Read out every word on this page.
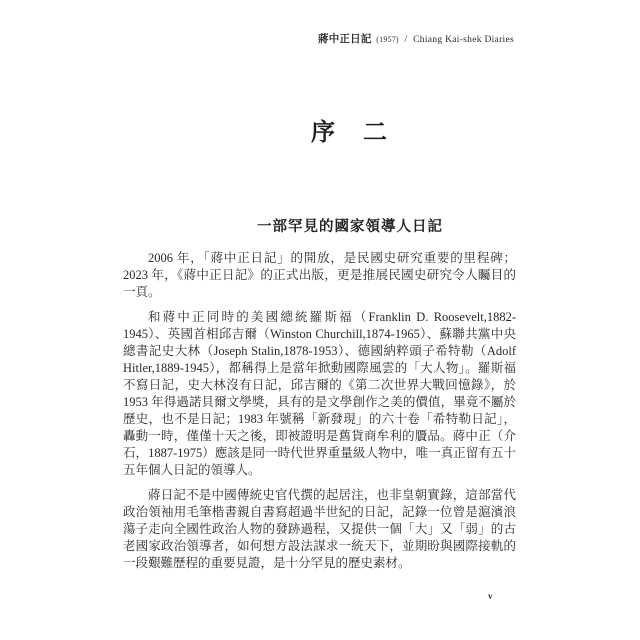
蔣中正日記 (1957) / Chiang Kai-shek Diaries
序　二
一部罕見的國家領導人日記

2006 年，「蔣中正日記」的開放，是民國史研究重要的里程碑；2023 年，《蔣中正日記》的正式出版，更是推展民國史研究令人矚目的一頁。

和蔣中正同時的美國總統羅斯福（Franklin D. Roosevelt,1882-1945）、英國首相邱吉爾（Winston Churchill,1874-1965）、蘇聯共黨中央總書記史大林（Joseph Stalin,1878-1953）、德國納粹頭子希特勒（Adolf Hitler,1889-1945），都稱得上是當年掀動國際風雲的「大人物」。羅斯福不寫日記，史大林沒有日記，邱吉爾的《第二次世界大戰回憶錄》，於 1953 年得過諾貝爾文學獎，具有的是文學創作之美的價值，畢竟不屬於歷史，也不是日記；1983 年號稱「新發現」的六十卷「希特勒日記」，轟動一時，僅僅十天之後，即被證明是舊貨商牟利的贗品。蔣中正（介石，1887-1975）應該是同一時代世界重量級人物中，唯一真正留有五十五年個人日記的領導人。

蔣日記不是中國傳統史官代撰的起居注，也非皇朝實錄，這部當代政治領袖用毛筆楷書親自書寫超過半世紀的日記，記錄一位曾是滬濱浪蕩子走向全國性政治人物的發跡過程，又提供一個「大」又「弱」的古老國家政治領導者，如何想方設法謀求一統天下，並期盼與國際接軌的一段艱難歷程的重要見證，是十分罕見的歷史素材。

v
